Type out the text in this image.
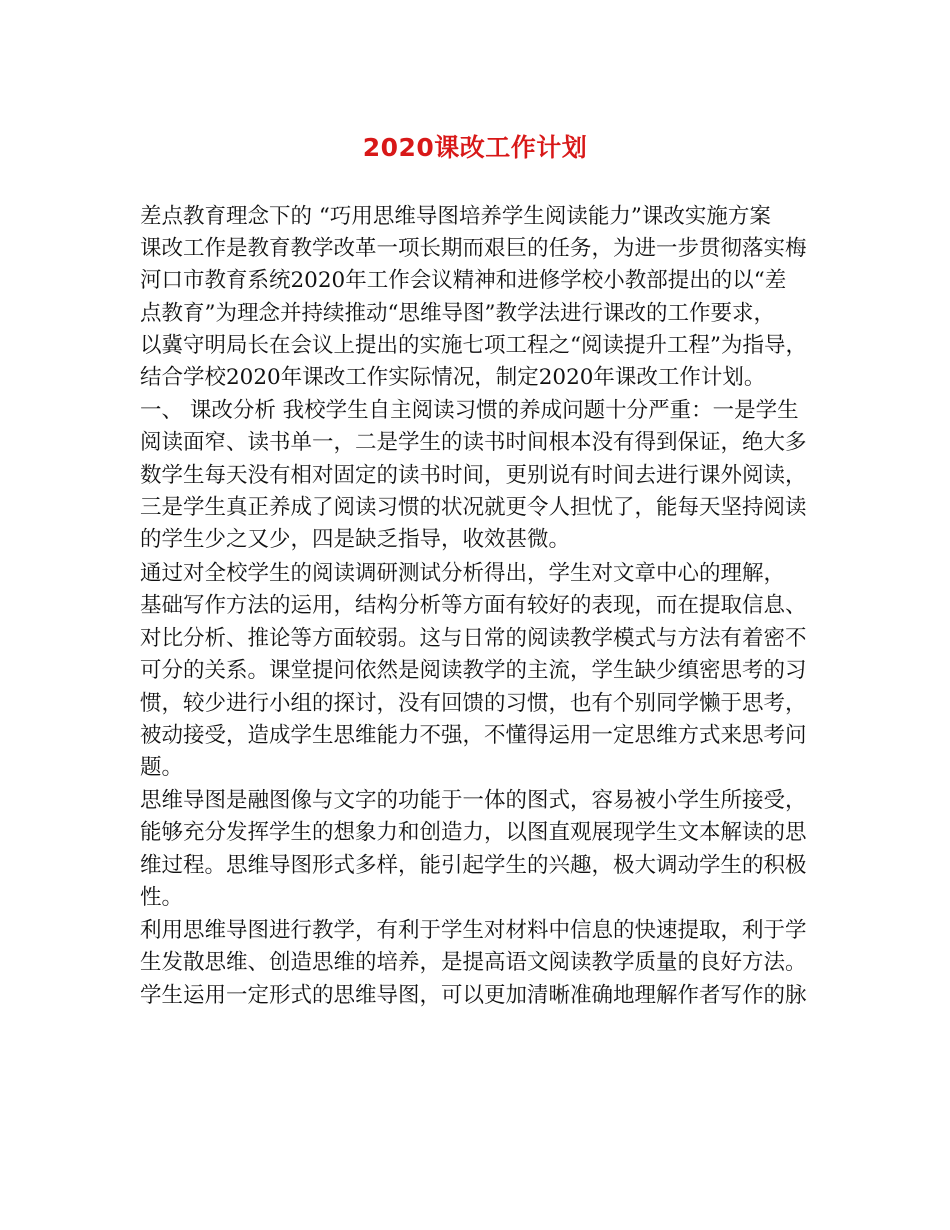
2020课改工作计划

差点教育理念下的 “巧用思维导图培养学生阅读能力”课改实施方案

课改工作是教育教学改革一项长期而艰巨的任务，为进一步贯彻落实梅

河口市教育系统2020年工作会议精神和进修学校小教部提出的以“差

点教育”为理念并持续推动“思维导图”教学法进行课改的工作要求，

以冀守明局长在会议上提出的实施七项工程之“阅读提升工程”为指导，

结合学校2020年课改工作实际情况，制定2020年课改工作计划。

一、 课改分析 我校学生自主阅读习惯的养成问题十分严重：一是学生

阅读面窄、读书单一，二是学生的读书时间根本没有得到保证，绝大多

数学生每天没有相对固定的读书时间，更别说有时间去进行课外阅读，

三是学生真正养成了阅读习惯的状况就更令人担忧了，能每天坚持阅读

的学生少之又少，四是缺乏指导，收效甚微。

通过对全校学生的阅读调研测试分析得出，学生对文章中心的理解，

基础写作方法的运用，结构分析等方面有较好的表现，而在提取信息、

对比分析、推论等方面较弱。这与日常的阅读教学模式与方法有着密不

可分的关系。课堂提问依然是阅读教学的主流，学生缺少缜密思考的习

惯，较少进行小组的探讨，没有回馈的习惯，也有个别同学懒于思考，

被动接受，造成学生思维能力不强，不懂得运用一定思维方式来思考问

题。

思维导图是融图像与文字的功能于一体的图式，容易被小学生所接受，

能够充分发挥学生的想象力和创造力，以图直观展现学生文本解读的思

维过程。思维导图形式多样，能引起学生的兴趣，极大调动学生的积极

性。

利用思维导图进行教学，有利于学生对材料中信息的快速提取，利于学

生发散思维、创造思维的培养，是提高语文阅读教学质量的良好方法。

学生运用一定形式的思维导图，可以更加清晰准确地理解作者写作的脉
